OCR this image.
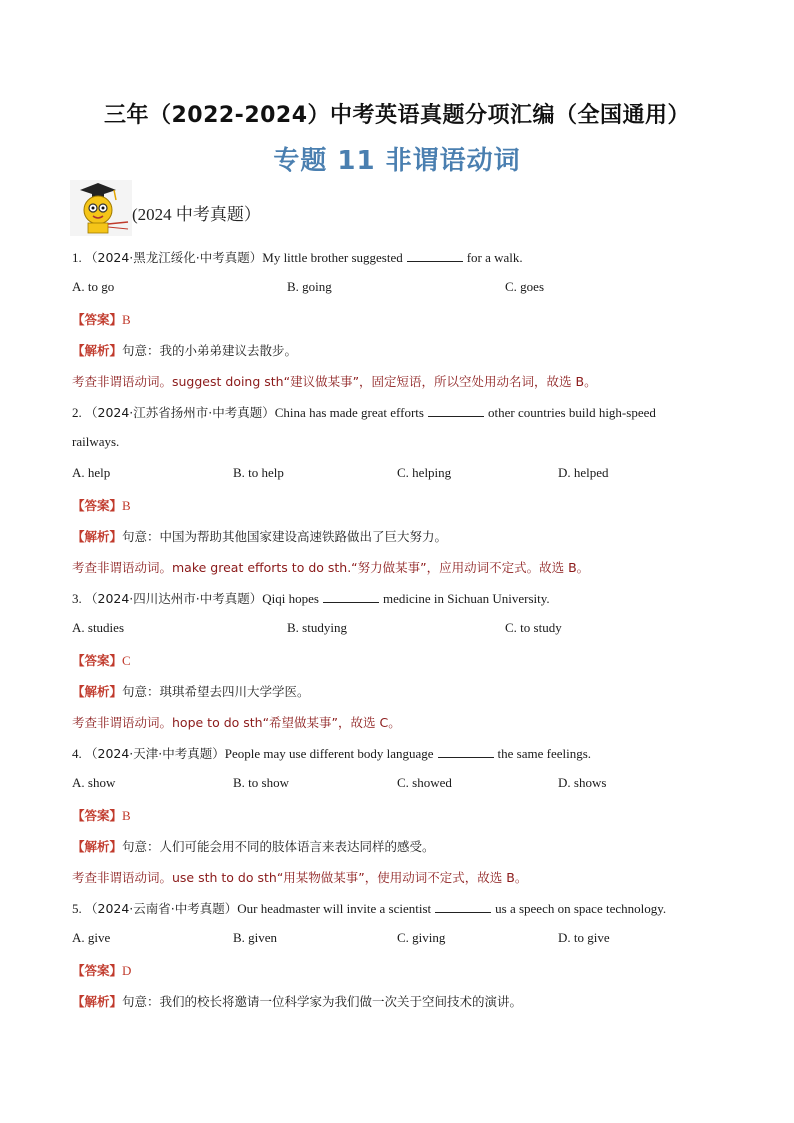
三年（2022-2024）中考英语真题分项汇编（全国通用）
专题 11 非谓语动词
(2024 中考真题）
1. （2024·黑龙江绥化·中考真题）My little brother suggested	for a walk.
A. to go	B. going	C. goes
【答案】B
【解析】句意：我的小弟弟建议去散步。
考查非谓语动词。suggest doing sth“建议做某事”，固定短语，所以空处用动名词，故选 B。
2. （2024·江苏省扬州市·中考真题）China has made great efforts	other countries build high-speed
railways.
A. help	B. to help	C. helping	D. helped
【答案】B
【解析】句意：中国为帮助其他国家建设高速铁路做出了巨大努力。
考查非谓语动词。make great efforts to do sth.“努力做某事”，应用动词不定式。故选 B。
3. （2024·四川达州市·中考真题）Qiqi hopes	medicine in Sichuan University.
A. studies	B. studying	C. to study
【答案】C
【解析】句意：琪琪希望去四川大学学医。
考查非谓语动词。hope to do sth“希望做某事”，故选 C。
4. （2024·天津·中考真题）People may use different body language	the same feelings.
A. show	B. to show	C. showed	D. shows
【答案】B
【解析】句意：人们可能会用不同的肢体语言来表达同样的感受。
考查非谓语动词。use sth to do sth“用某物做某事”，使用动词不定式，故选 B。
5. （2024·云南省·中考真题）Our headmaster will invite a scientist	us a speech on space technology.
A. give	B. given	C. giving	D. to give
【答案】D
【解析】句意：我们的校长将邀请一位科学家为我们做一次关于空间技术的演讲。
